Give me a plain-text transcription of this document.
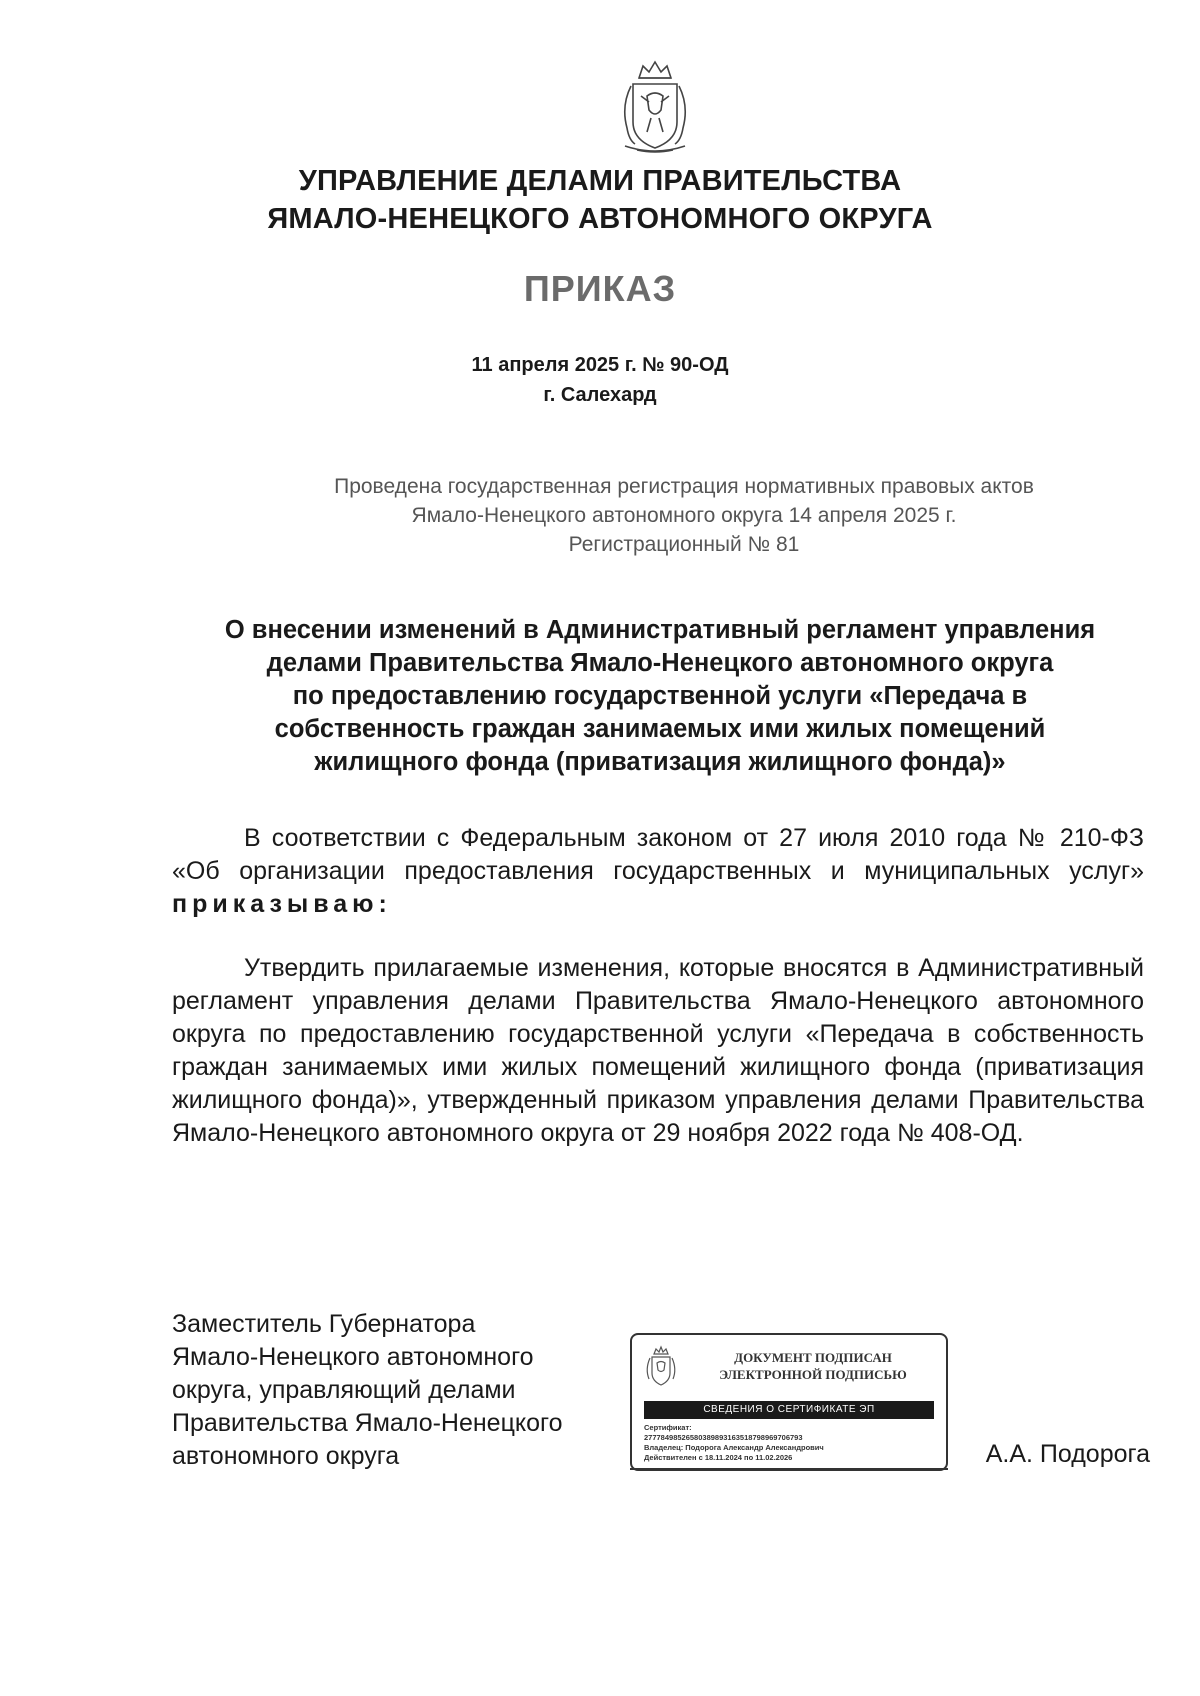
УПРАВЛЕНИЕ ДЕЛАМИ ПРАВИТЕЛЬСТВА
ЯМАЛО-НЕНЕЦКОГО АВТОНОМНОГО ОКРУГА
ПРИКАЗ
11 апреля 2025 г. № 90-ОД
г. Салехард
Проведена государственная регистрация нормативных правовых актов
Ямало-Ненецкого автономного округа 14 апреля 2025 г.
Регистрационный № 81
О внесении изменений в Административный регламент управления
делами Правительства Ямало-Ненецкого автономного округа
по предоставлению государственной услуги «Передача в
собственность граждан занимаемых ими жилых помещений
жилищного фонда (приватизация жилищного фонда)»
В соответствии с Федеральным законом от 27 июля 2010 года № 210-ФЗ «Об организации предоставления государственных и муниципальных услуг» приказываю:
Утвердить прилагаемые изменения, которые вносятся в Административный регламент управления делами Правительства Ямало-Ненецкого автономного округа по предоставлению государственной услуги «Передача в собственность граждан занимаемых ими жилых помещений жилищного фонда (приватизация жилищного фонда)», утвержденный приказом управления делами Правительства Ямало-Ненецкого автономного округа от 29 ноября 2022 года № 408-ОД.
Заместитель Губернатора
Ямало-Ненецкого автономного
округа, управляющий делами
Правительства Ямало-Ненецкого
автономного округа
ДОКУМЕНТ ПОДПИСАН
ЭЛЕКТРОННОЙ ПОДПИСЬЮ
СВЕДЕНИЯ О СЕРТИФИКАТЕ ЭП
Сертификат:
27778498526580389893163518798969706793
Владелец: Подорога Александр Александрович
Действителен с 18.11.2024 по 11.02.2026	А.А. Подорога
